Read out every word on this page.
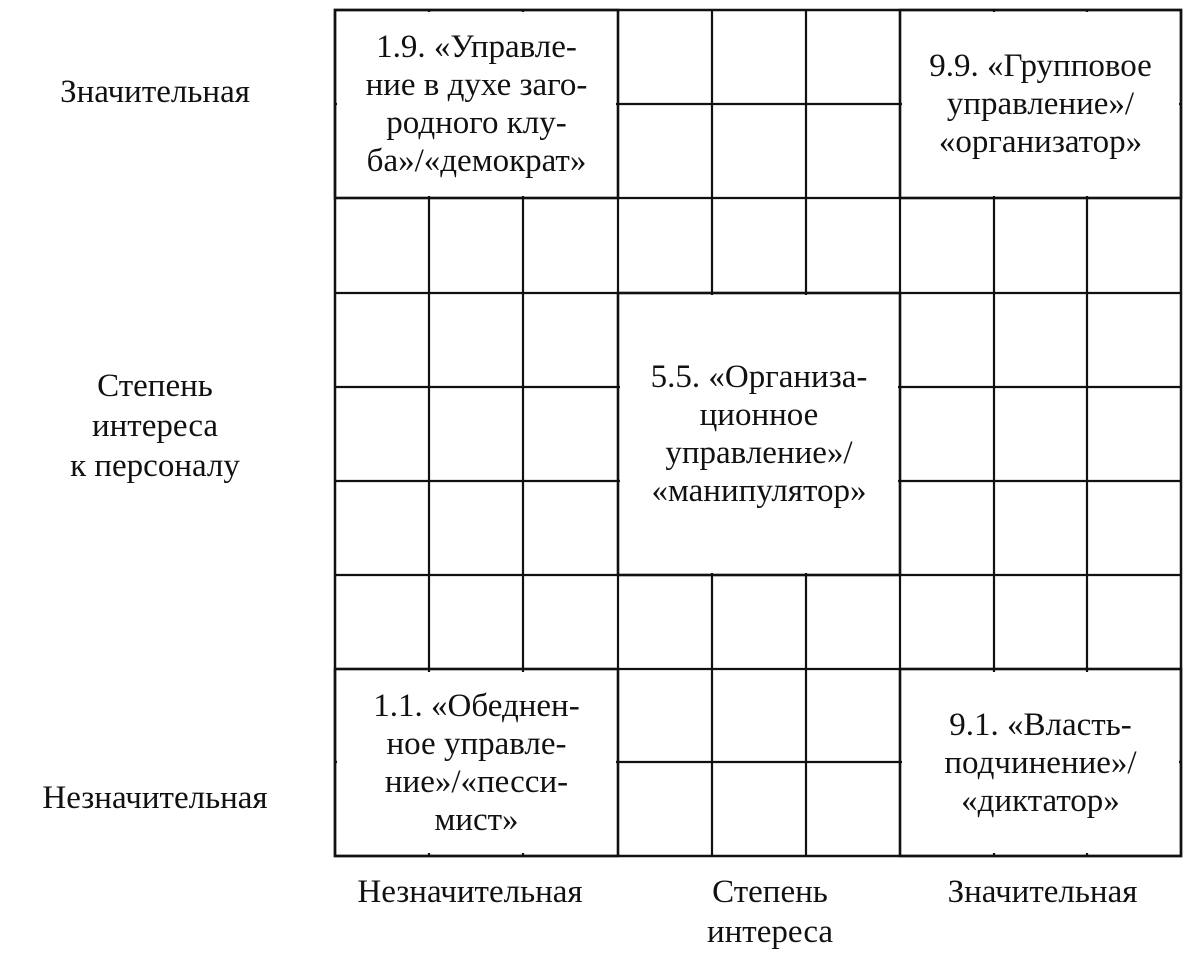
Значительная
Степень
интереса
к персоналу
Незначительная
Незначительная	Степень
интереса
Значительная
1.9. «Управле-
ние в духе заго-
родного клу-
ба»/«демократ»
9.9. «Групповое
управление»/
«организатор»
5.5. «Организа-
ционное
управление»/
«манипулятор»
1.1. «Обеднен-
ное управле-
ние»/«песси-
мист»
9.1. «Власть-
подчинение»/
«диктатор»
